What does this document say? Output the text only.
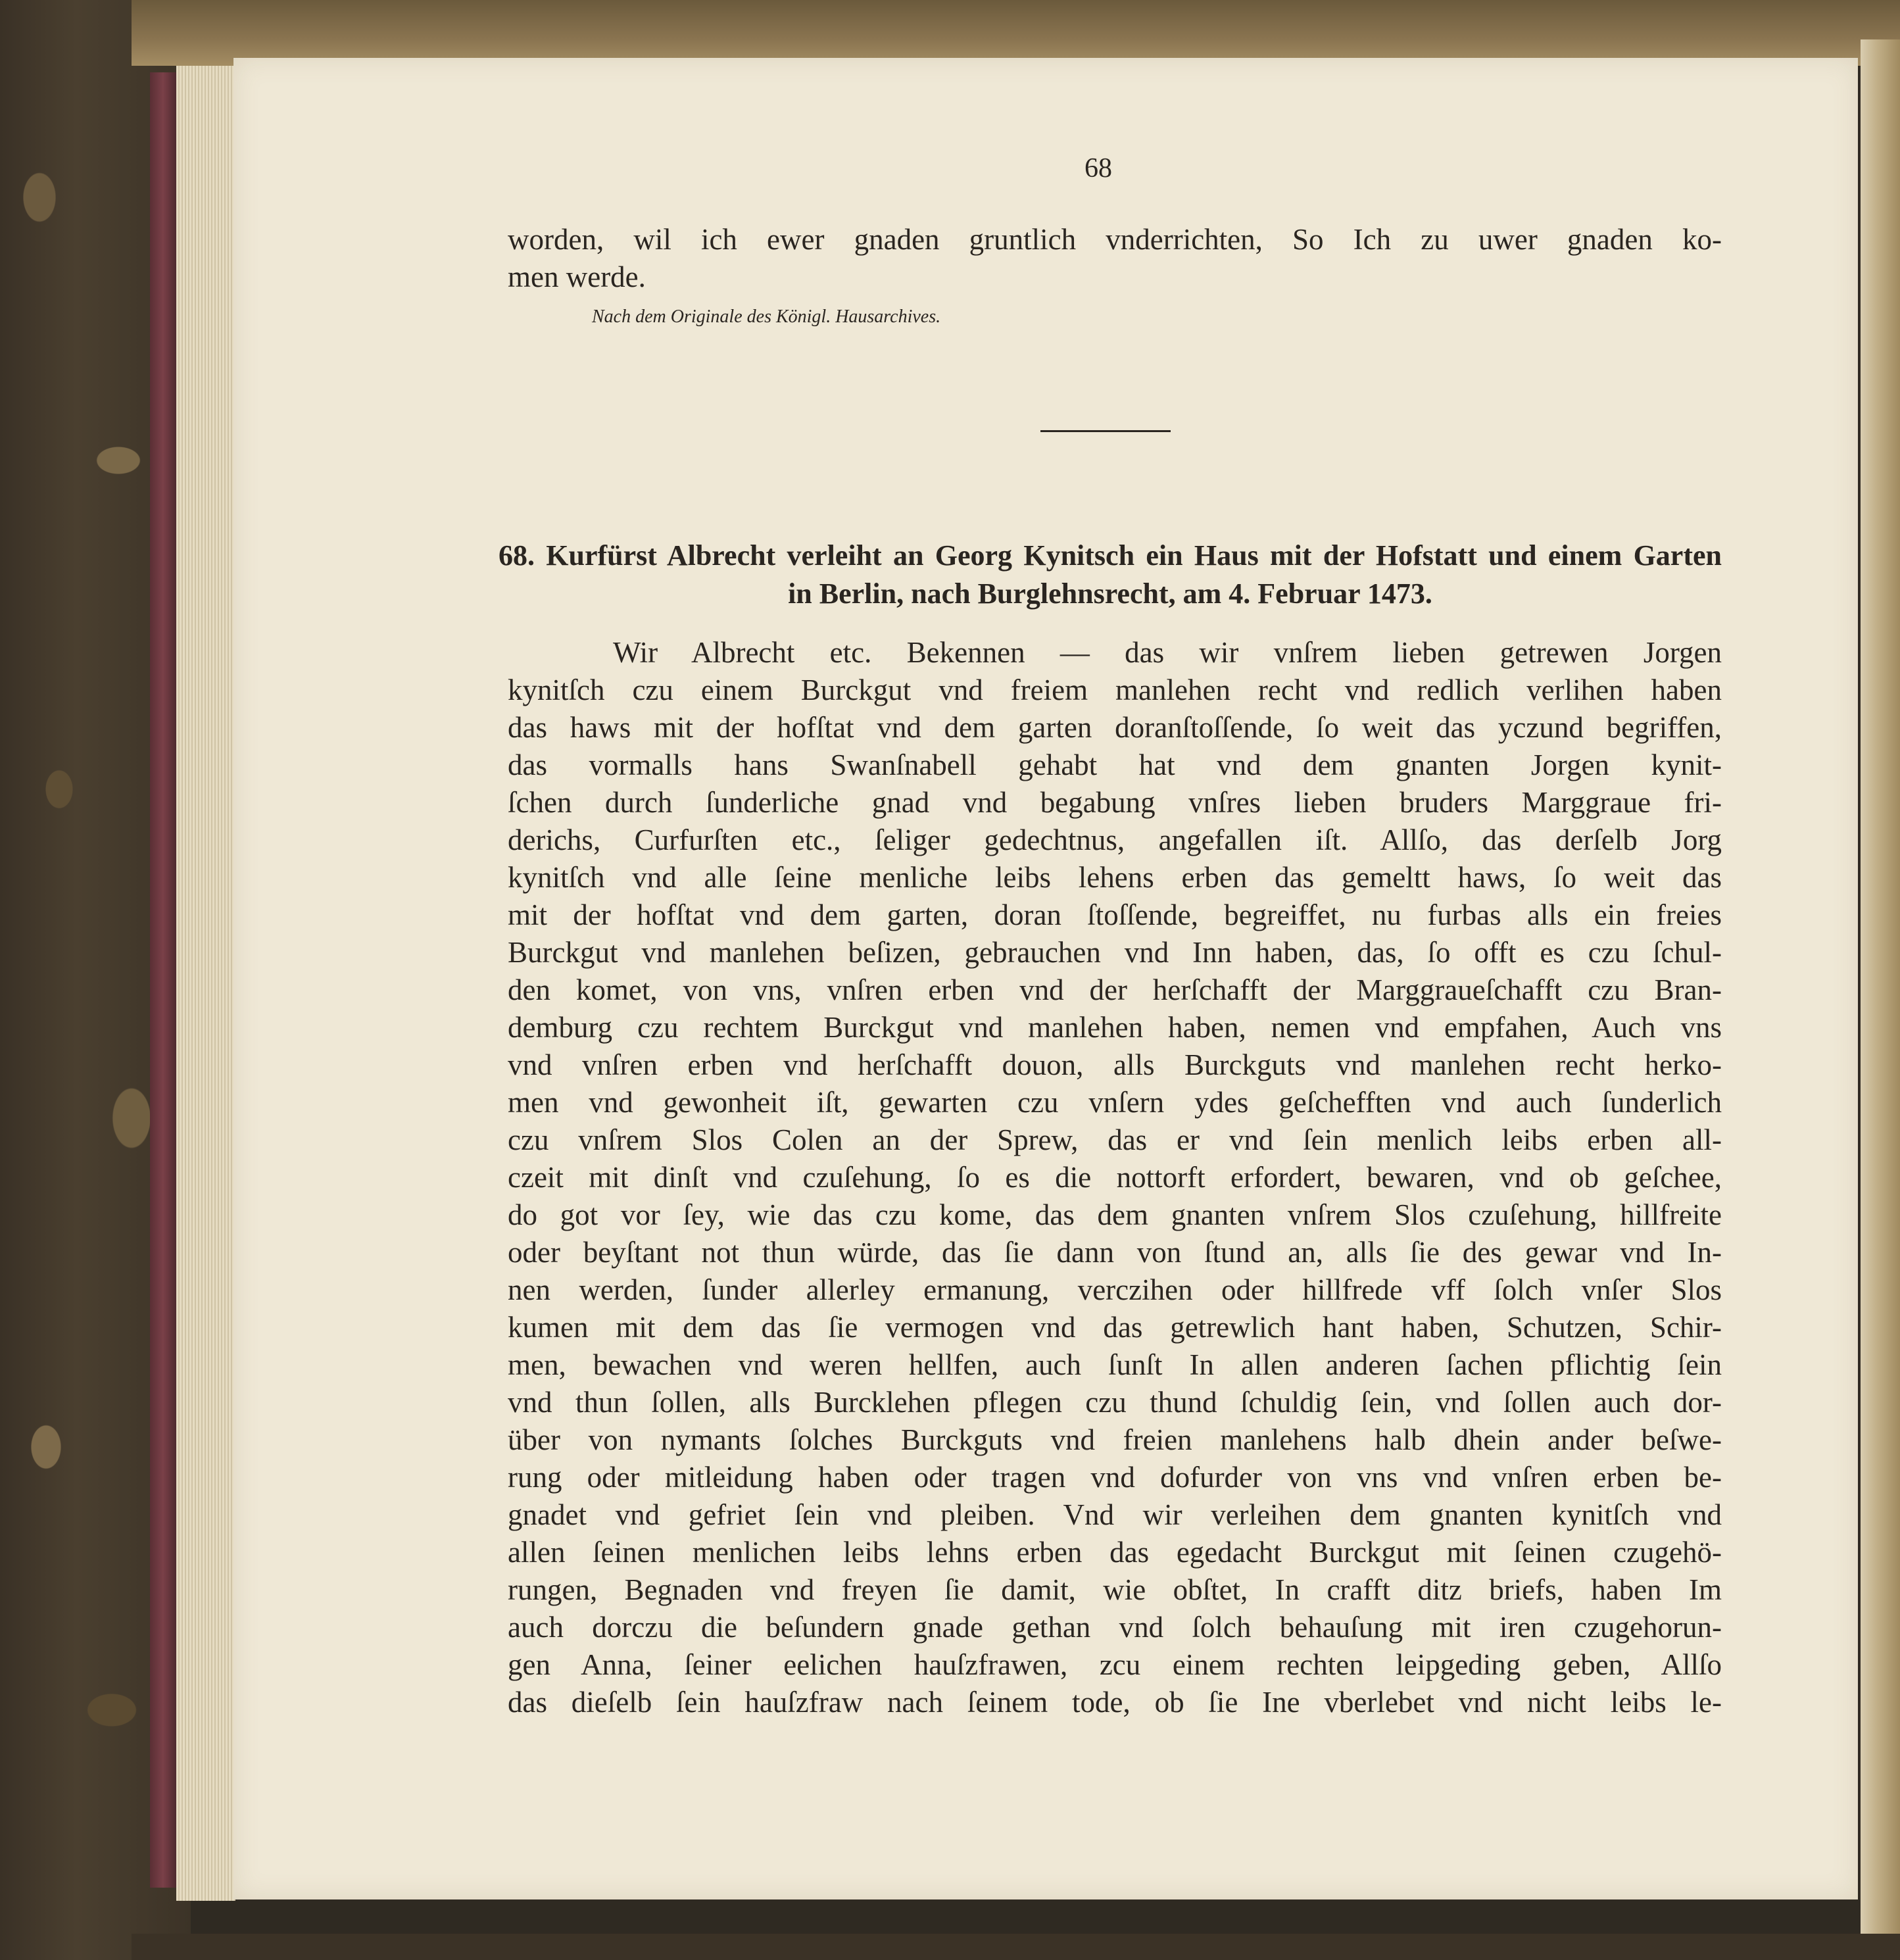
68
worden, wil ich ewer gnaden gruntlich vnderrichten, So Ich zu uwer gnaden ko-
men werde.
Nach dem Originale des Königl. Hausarchives.
68. Kurfürst Albrecht verleiht an Georg Kynitsch ein Haus mit der Hofstatt und einem Garten
in Berlin, nach Burglehnsrecht, am 4. Februar 1473.
Wir Albrecht etc. Bekennen — das wir vnſrem lieben getrewen Jorgen
kynitſch czu einem Burckgut vnd freiem manlehen recht vnd redlich verlihen haben
das haws mit der hofſtat vnd dem garten doranſtoſſende, ſo weit das yczund begriffen,
das vormalls hans Swanſnabell gehabt hat vnd dem gnanten Jorgen kynit-
ſchen durch ſunderliche gnad vnd begabung vnſres lieben bruders Marggraue fri-
derichs, Curfurſten etc., ſeliger gedechtnus, angefallen iſt. Allſo, das derſelb Jorg
kynitſch vnd alle ſeine menliche leibs lehens erben das gemeltt haws, ſo weit das
mit der hofſtat vnd dem garten, doran ſtoſſende, begreiffet, nu furbas alls ein freies
Burckgut vnd manlehen beſizen, gebrauchen vnd Inn haben, das, ſo offt es czu ſchul-
den komet, von vns, vnſren erben vnd der herſchafft der Marggraueſchafft czu Bran-
demburg czu rechtem Burckgut vnd manlehen haben, nemen vnd empfahen, Auch vns
vnd vnſren erben vnd herſchafft douon, alls Burckguts vnd manlehen recht herko-
men vnd gewonheit iſt, gewarten czu vnſern ydes geſchefften vnd auch ſunderlich
czu vnſrem Slos Colen an der Sprew, das er vnd ſein menlich leibs erben all-
czeit mit dinſt vnd czuſehung, ſo es die nottorft erfordert, bewaren, vnd ob geſchee,
do got vor ſey, wie das czu kome, das dem gnanten vnſrem Slos czuſehung, hillfreite
oder beyſtant not thun würde, das ſie dann von ſtund an, alls ſie des gewar vnd In-
nen werden, ſunder allerley ermanung, verczihen oder hillfrede vff ſolch vnſer Slos
kumen mit dem das ſie vermogen vnd das getrewlich hant haben, Schutzen, Schir-
men, bewachen vnd weren hellfen, auch ſunſt In allen anderen ſachen pflichtig ſein
vnd thun ſollen, alls Burcklehen pflegen czu thund ſchuldig ſein, vnd ſollen auch dor-
über von nymants ſolches Burckguts vnd freien manlehens halb dhein ander beſwe-
rung oder mitleidung haben oder tragen vnd dofurder von vns vnd vnſren erben be-
gnadet vnd gefriet ſein vnd pleiben. Vnd wir verleihen dem gnanten kynitſch vnd
allen ſeinen menlichen leibs lehns erben das egedacht Burckgut mit ſeinen czugehö-
rungen, Begnaden vnd freyen ſie damit, wie obſtet, In crafft ditz briefs, haben Im
auch dorczu die beſundern gnade gethan vnd ſolch behauſung mit iren czugehorun-
gen Anna, ſeiner eelichen hauſzfrawen, zcu einem rechten leipgeding geben, Allſo
das dieſelb ſein hauſzfraw nach ſeinem tode, ob ſie Ine vberlebet vnd nicht leibs le-
